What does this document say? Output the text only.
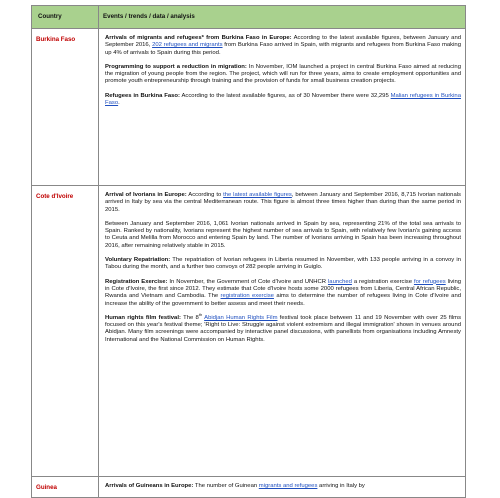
Country	Events / trends / data / analysis

Burkina Faso	Arrivals of migrants and refugees* from Burkina Faso in Europe: According to the latest available figures, between January and September 2016, 202 refugees and migrants from Burkina Faso arrived in Spain, with migrants and refugees from Burkina Faso making up 4% of arrivals to Spain during this period.

Programming to support a reduction in migration: In November, IOM launched a project in central Burkina Faso aimed at reducing the migration of young people from the region. The project, which will run for three years, aims to create employment opportunities and promote youth entrepreneurship through training and the provision of funds for small business creation projects.

Refugees in Burkina Faso: According to the latest available figures, as of 30 November there were 32,295 Malian refugees in Burkina Faso.

Cote d'Ivoire	Arrival of Ivorians in Europe: According to the latest available figures, between January and September 2016, 8,715 Ivorian nationals arrived in Italy by sea via the central Mediterranean route. This figure is almost three times higher than during than the same period in 2015.

Between January and September 2016, 1,061 Ivorian nationals arrived in Spain by sea, representing 21% of the total sea arrivals to Spain. Ranked by nationality, Ivorians represent the highest number of sea arrivals to Spain, with relatively few Ivorian's gaining access to Ceuta and Melilla from Morocco and entering Spain by land. The number of Ivorians arriving in Spain has been increasing throughout 2016, after remaining relatively stable in 2015.

Voluntary Repatriation: The repatriation of Ivorian refugees in Liberia resumed in November, with 133 people arriving in a convoy in Tabou during the month, and a further two convoys of 282 people arriving in Guiglo.

Registration Exercise: In November, the Government of Cote d'Ivoire and UNHCR launched a registration exercise for refugees living in Cote d'Ivoire, the first since 2012. They estimate that Cote d'Ivoire hosts some 2000 refugees from Liberia, Central African Republic, Rwanda and Vietnam and Cambodia. The registration exercise aims to determine the number of refugees living in Cote d'Ivoire and increase the ability of the government to better assess and meet their needs.

Human rights film festival: The 8th Abidjan Human Rights Film festival took place between 11 and 19 November with over 25 films focused on this year's festival theme; 'Right to Live: Struggle against violent extremism and illegal immigration' shown in venues around Abidjan. Many film screenings were accompanied by interactive panel discussions, with panellists from organisations including Amnesty International and the National Commission on Human Rights.

Guinea	Arrivals of Guineans in Europe: The number of Guinean migrants and refugees arriving in Italy by
